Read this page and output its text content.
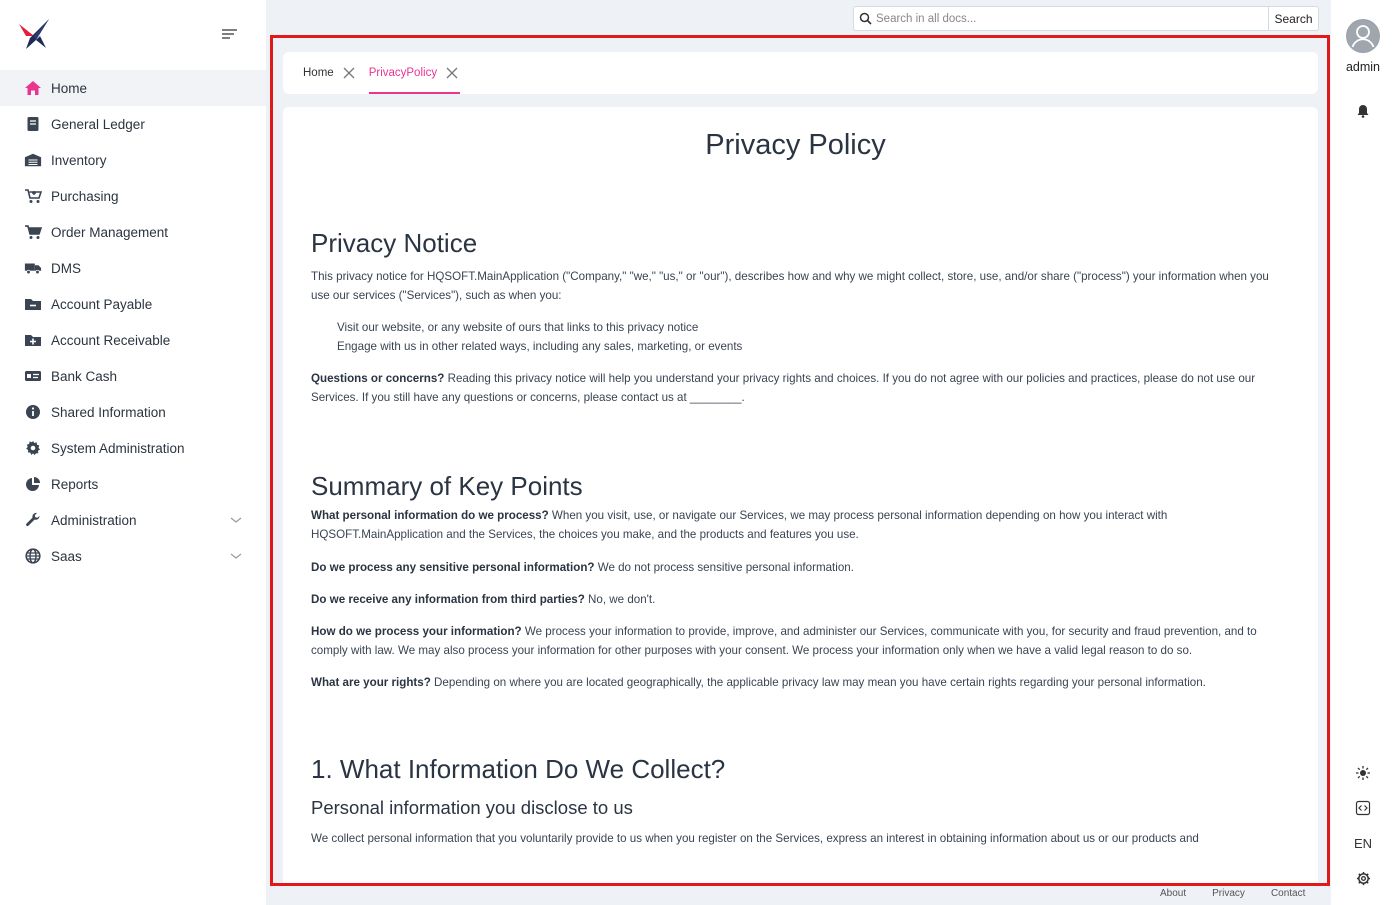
Home
General Ledger
Inventory
Purchasing
Order Management
DMS
Account Payable
Account Receivable
Bank Cash
Shared Information
System Administration
Reports
Administration
Saas
Search in all docs...
Search
admin
EN
Home	PrivacyPolicy
Privacy Policy
Privacy Notice

This privacy notice for HQSOFT.MainApplication ("Company," "we," "us," or "our"), describes how and why we might collect, store, use, and/or share ("process") your information when you use our services ("Services"), such as when you:

Visit our website, or any website of ours that links to this privacy notice
Engage with us in other related ways, including any sales, marketing, or events

Questions or concerns? Reading this privacy notice will help you understand your privacy rights and choices. If you do not agree with our policies and practices, please do not use our Services. If you still have any questions or concerns, please contact us at ________.

Summary of Key Points

What personal information do we process? When you visit, use, or navigate our Services, we may process personal information depending on how you interact with HQSOFT.MainApplication and the Services, the choices you make, and the products and features you use.

Do we process any sensitive personal information? We do not process sensitive personal information.

Do we receive any information from third parties? No, we don't.

How do we process your information? We process your information to provide, improve, and administer our Services, communicate with you, for security and fraud prevention, and to comply with law. We may also process your information for other purposes with your consent. We process your information only when we have a valid legal reason to do so.

What are your rights? Depending on where you are located geographically, the applicable privacy law may mean you have certain rights regarding your personal information.

1. What Information Do We Collect?
Personal information you disclose to us

We collect personal information that you voluntarily provide to us when you register on the Services, express an interest in obtaining information about us or our products and

About	Privacy	Contact
